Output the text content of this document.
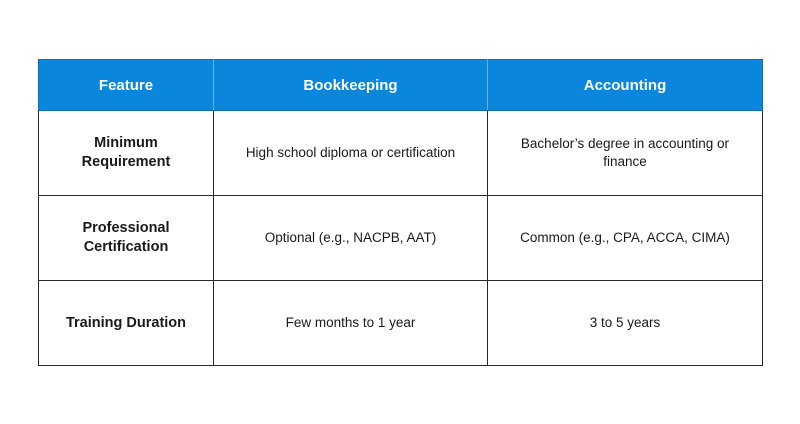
Feature	Bookkeeping	Accounting
Minimum Requirement	High school diploma or certification	Bachelor’s degree in accounting or finance
Professional Certification	Optional (e.g., NACPB, AAT)	Common (e.g., CPA, ACCA, CIMA)
Training Duration	Few months to 1 year	3 to 5 years
